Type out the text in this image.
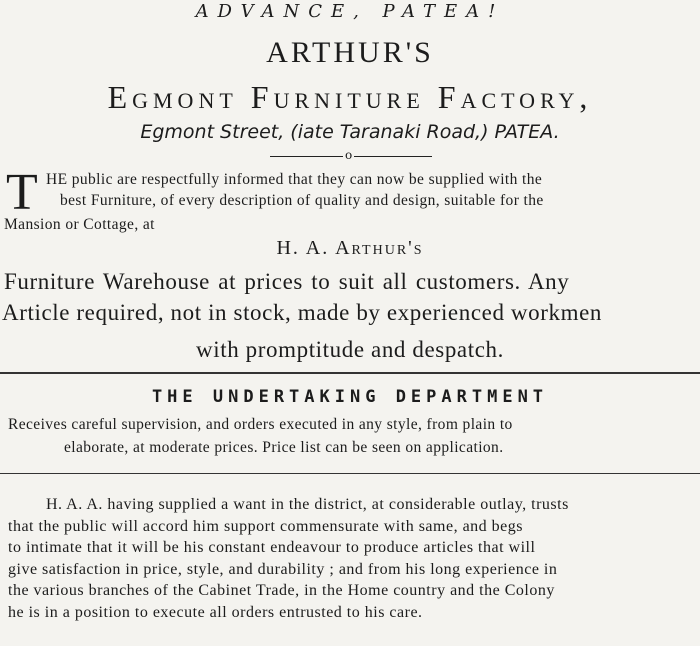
ADVANCE, PATEA!
ARTHUR'S
Egmont Furniture Factory,
Egmont Street, (iate Taranaki Road,) PATEA.
o
T HE public are respectfully informed that they can now be supplied with the
best Furniture, of every description of quality and design, suitable for the
Mansion or Cottage, at
H. A. Arthur's
Furniture Warehouse at prices to suit all customers. Any
Article required, not in stock, made by experienced workmen
with promptitude and despatch.
THE UNDERTAKING DEPARTMENT
Receives careful supervision, and orders executed in any style, from plain to
elaborate, at moderate prices. Price list can be seen on application.
H. A. A. having supplied a want in the district, at considerable outlay, trusts
that the public will accord him support commensurate with same, and begs
to intimate that it will be his constant endeavour to produce articles that will
give satisfaction in price, style, and durability ; and from his long experience in
the various branches of the Cabinet Trade, in the Home country and the Colony
he is in a position to execute all orders entrusted to his care.
